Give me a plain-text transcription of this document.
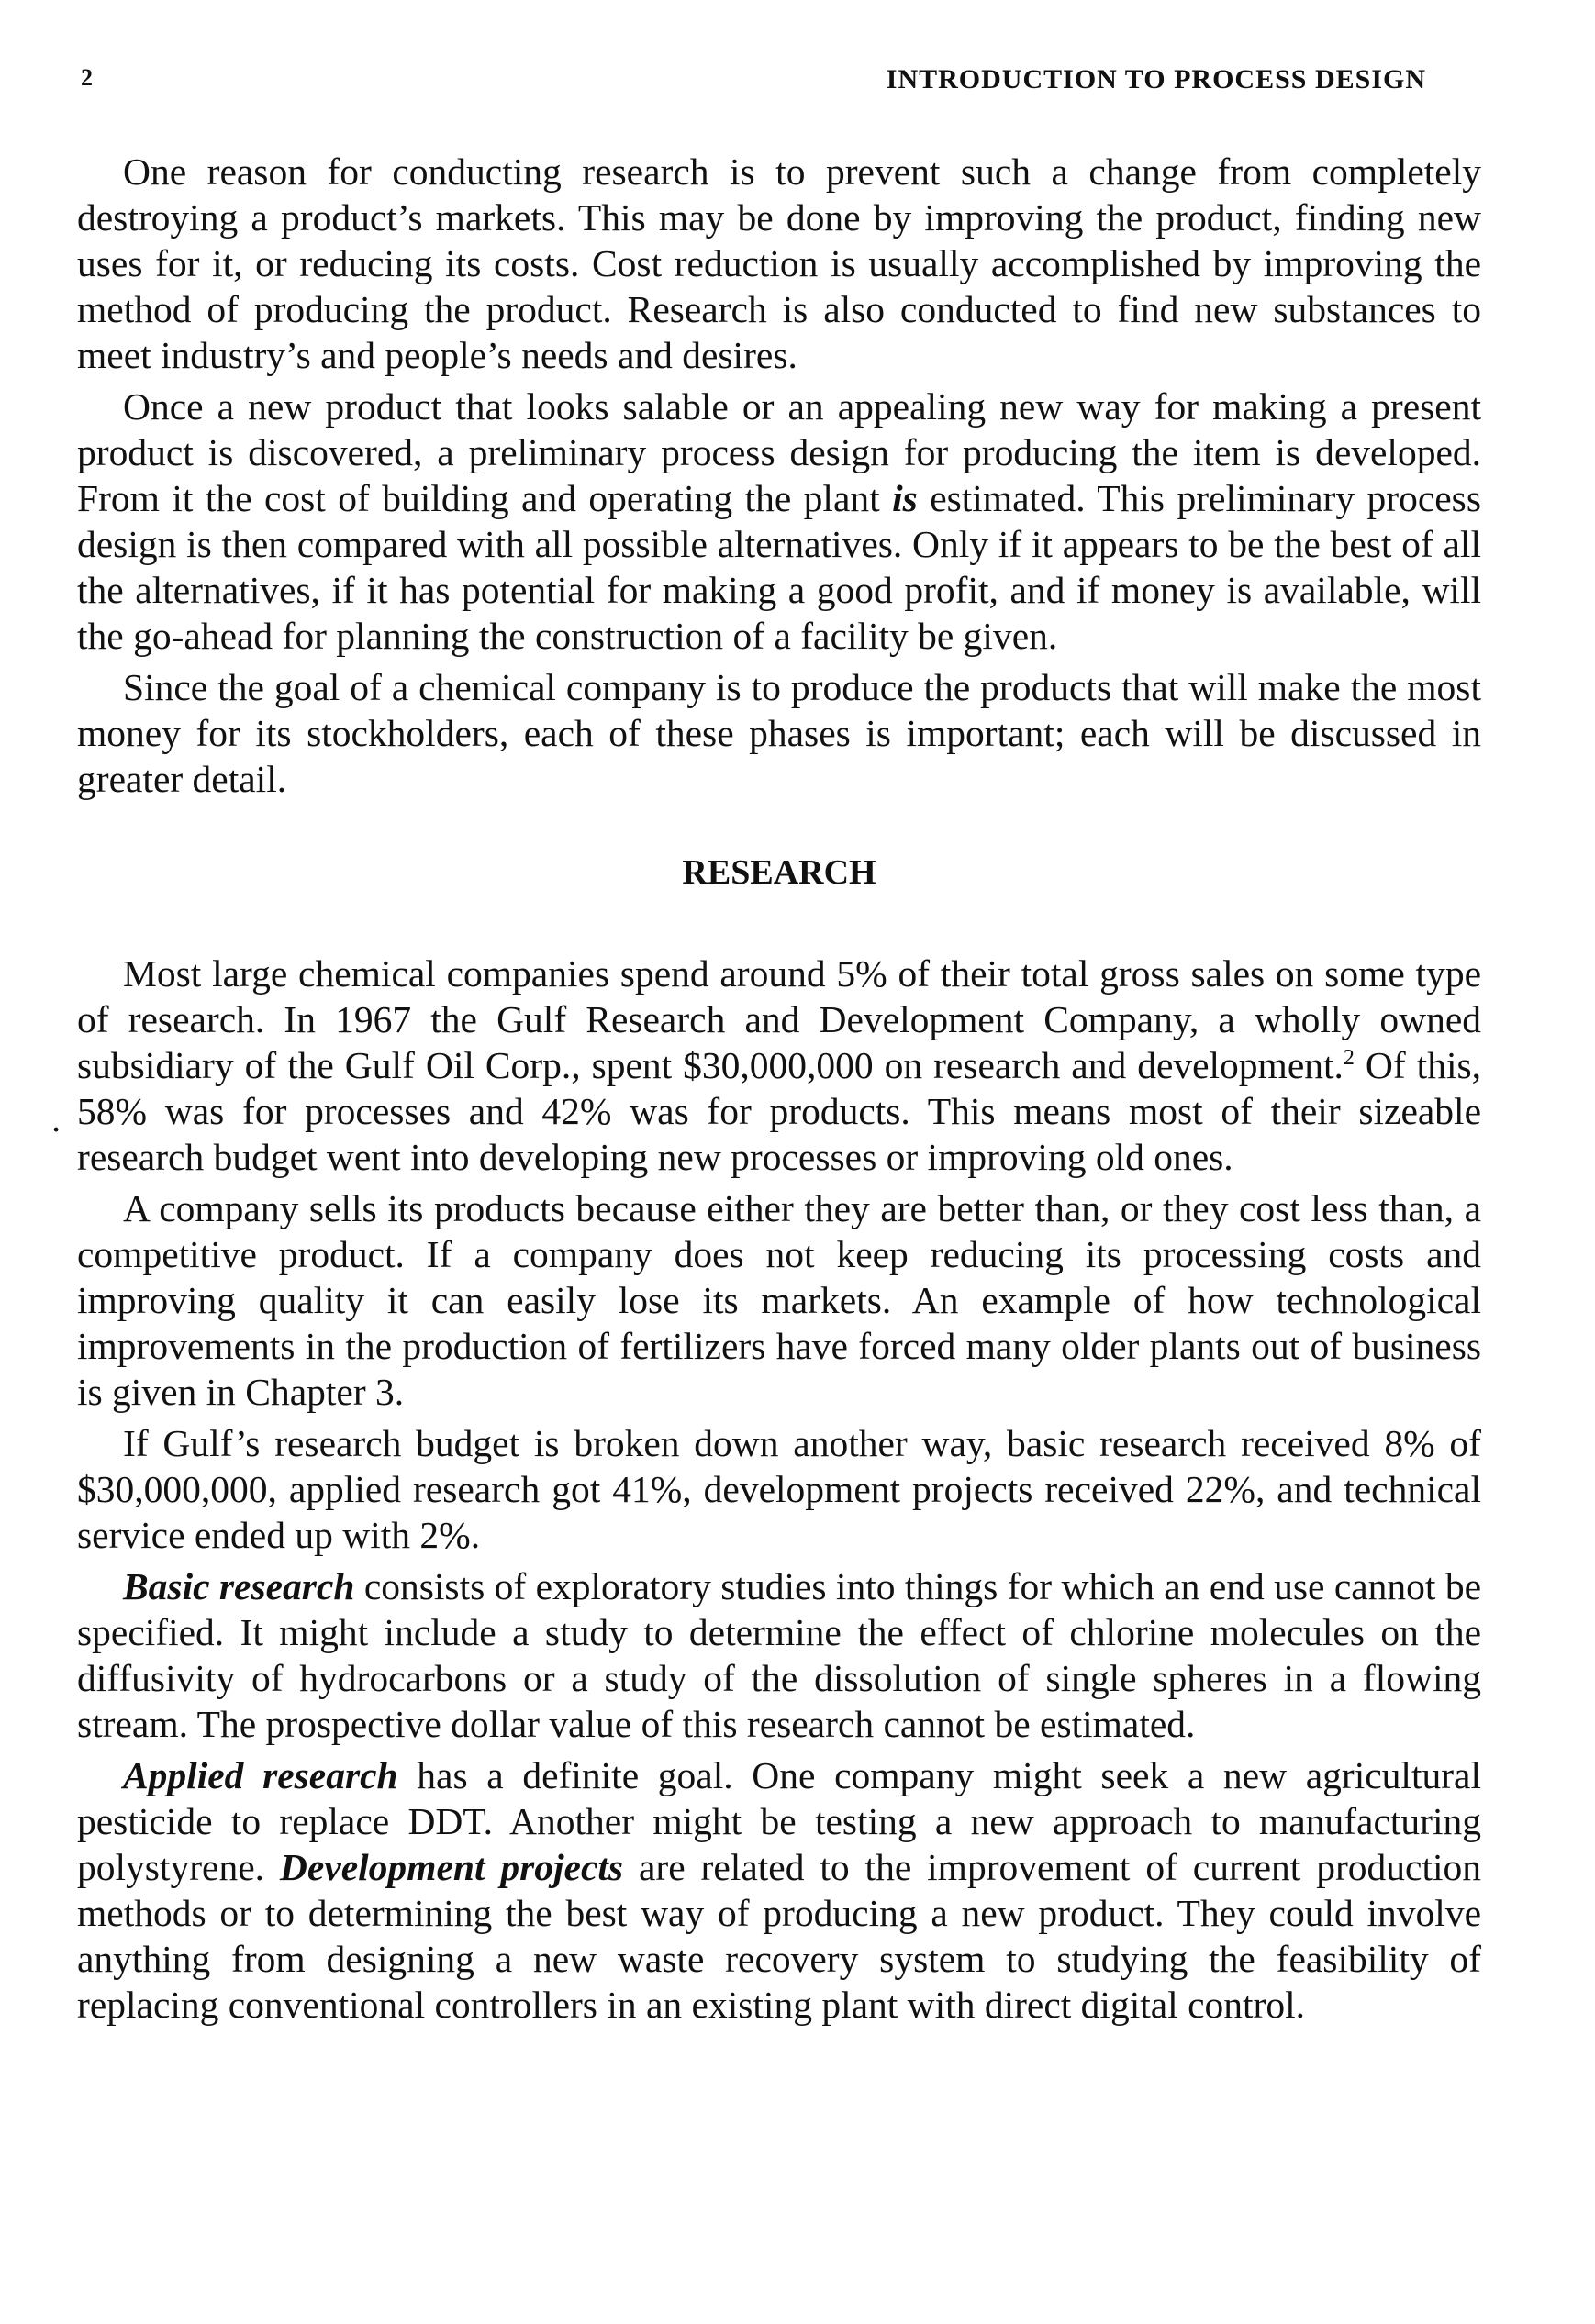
2	INTRODUCTION TO PROCESS DESIGN
.

One reason for conducting research is to prevent such a change from completely destroying a product’s markets. This may be done by improving the product, finding new uses for it, or reducing its costs. Cost reduction is usually accomplished by improving the method of producing the product. Research is also conducted to find new substances to meet industry’s and people’s needs and desires.

Once a new product that looks salable or an appealing new way for making a present product is discovered, a preliminary process design for producing the item is developed. From it the cost of building and operating the plant is estimated. This preliminary process design is then compared with all possible alternatives. Only if it appears to be the best of all the alternatives, if it has potential for making a good profit, and if money is available, will the go-ahead for planning the construction of a facility be given.

Since the goal of a chemical company is to produce the products that will make the most money for its stockholders, each of these phases is important; each will be discussed in greater detail.

RESEARCH

Most large chemical companies spend around 5% of their total gross sales on some type of research. In 1967 the Gulf Research and Development Company, a wholly owned subsidiary of the Gulf Oil Corp., spent $30,000,000 on research and development.$^2$ Of this, 58% was for processes and 42% was for products. This means most of their sizeable research budget went into developing new processes or improving old ones.

A company sells its products because either they are better than, or they cost less than, a competitive product. If a company does not keep reducing its processing costs and improving quality it can easily lose its markets. An example of how technological improvements in the production of fertilizers have forced many older plants out of business is given in Chapter 3.

If Gulf’s research budget is broken down another way, basic research received 8% of $30,000,000, applied research got 41%, development projects received 22%, and technical service ended up with 2%.

Basic research consists of exploratory studies into things for which an end use cannot be specified. It might include a study to determine the effect of chlorine molecules on the diffusivity of hydrocarbons or a study of the dissolution of single spheres in a flowing stream. The prospective dollar value of this research cannot be estimated.

Applied research has a definite goal. One company might seek a new agricultural pesticide to replace DDT. Another might be testing a new approach to manufacturing polystyrene. Development projects are related to the improvement of current production methods or to determining the best way of producing a new product. They could involve anything from designing a new waste recovery system to studying the feasibility of replacing conventional controllers in an existing plant with direct digital control.
